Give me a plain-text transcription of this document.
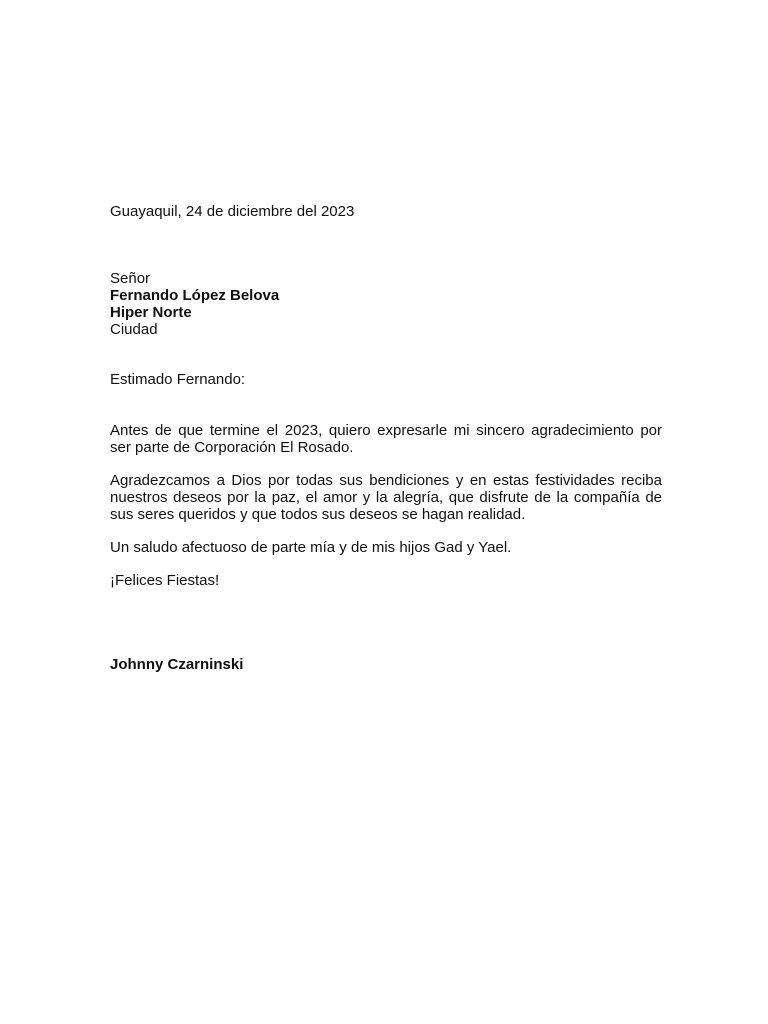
Guayaquil, 24 de diciembre del 2023
Señor
Fernando López Belova
Hiper Norte
Ciudad
Estimado Fernando:
Antes de que termine el 2023, quiero expresarle mi sincero agradecimiento por
ser parte de Corporación El Rosado.
Agradezcamos a Dios por todas sus bendiciones y en estas festividades reciba
nuestros deseos por la paz, el amor y la alegría, que disfrute de la compañía de
sus seres queridos y que todos sus deseos se hagan realidad.
Un saludo afectuoso de parte mía y de mis hijos Gad y Yael.
¡Felices Fiestas!
Johnny Czarninski
